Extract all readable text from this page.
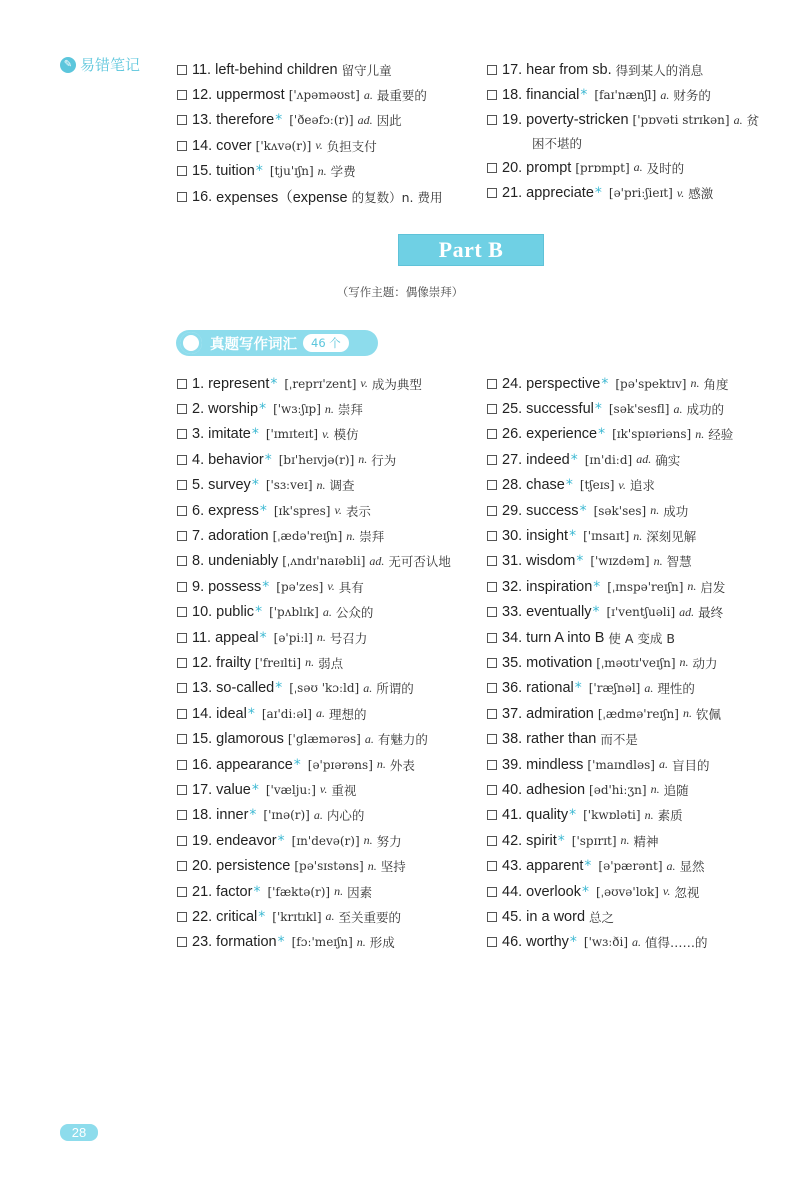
✎ 易错笔记	11. left-behind children 留守儿童
12. uppermost ['ʌpəməʊst] a. 最重要的
13. therefore * ['ðeəfɔː(r)] ad. 因此
14. cover ['kʌvə(r)] v. 负担支付
15. tuition * [tju'ɪʃn] n. 学费
16. expenses（expense 的复数）n. 费用
17. hear from sb. 得到某人的消息
18. financial * [faɪ'nænʃl] a. 财务的
19. poverty-stricken ['pɒvəti strɪkən] a. 贫
困不堪的
20. prompt [prɒmpt] a. 及时的
21. appreciate * [ə'priːʃieɪt] v. 感激
Part B
（写作主题：偶像崇拜）
真题写作词汇	46 个
1. represent * [ˌreprɪ'zent] v. 成为典型
2. worship * ['wɜːʃɪp] n. 崇拜
3. imitate * ['ɪmɪteɪt] v. 模仿
4. behavior * [bɪ'heɪvjə(r)] n. 行为
5. survey * ['sɜːveɪ] n. 调查
6. express * [ɪk'spres] v. 表示
7. adoration [ˌædə'reɪʃn] n. 崇拜
8. undeniably [ˌʌndɪ'naɪəbli] ad. 无可否认地
9. possess * [pə'zes] v. 具有
10. public * ['pʌblɪk] a. 公众的
11. appeal * [ə'piːl] n. 号召力
12. frailty ['freɪlti] n. 弱点
13. so-called * [ˌsəʊ 'kɔːld] a. 所谓的
14. ideal * [aɪ'diːəl] a. 理想的
15. glamorous ['glæmərəs] a. 有魅力的
16. appearance * [ə'pɪərəns] n. 外表
17. value * ['væljuː] v. 重视
18. inner * ['ɪnə(r)] a. 内心的
19. endeavor * [ɪn'devə(r)] n. 努力
20. persistence [pə'sɪstəns] n. 坚持
21. factor * ['fæktə(r)] n. 因素
22. critical * ['krɪtɪkl] a. 至关重要的
23. formation * [fɔː'meɪʃn] n. 形成
24. perspective * [pə'spektɪv] n. 角度
25. successful * [sək'sesfl] a. 成功的
26. experience * [ɪk'spɪəriəns] n. 经验
27. indeed * [ɪn'diːd] ad. 确实
28. chase * [tʃeɪs] v. 追求
29. success * [sək'ses] n. 成功
30. insight * ['ɪnsaɪt] n. 深刻见解
31. wisdom * ['wɪzdəm] n. 智慧
32. inspiration * [ˌɪnspə'reɪʃn] n. 启发
33. eventually * [ɪ'ventʃuəli] ad. 最终
34. turn A into B 使 A 变成 B
35. motivation [ˌməʊtɪ'veɪʃn] n. 动力
36. rational * ['ræʃnəl] a. 理性的
37. admiration [ˌædmə'reɪʃn] n. 钦佩
38. rather than 而不是
39. mindless ['maɪndləs] a. 盲目的
40. adhesion [əd'hiːʒn] n. 追随
41. quality * ['kwɒləti] n. 素质
42. spirit * ['spɪrɪt] n. 精神
43. apparent * [ə'pærənt] a. 显然
44. overlook * [ˌəʊvə'lʊk] v. 忽视
45. in a word 总之
46. worthy * ['wɜːði] a. 值得……的
28
